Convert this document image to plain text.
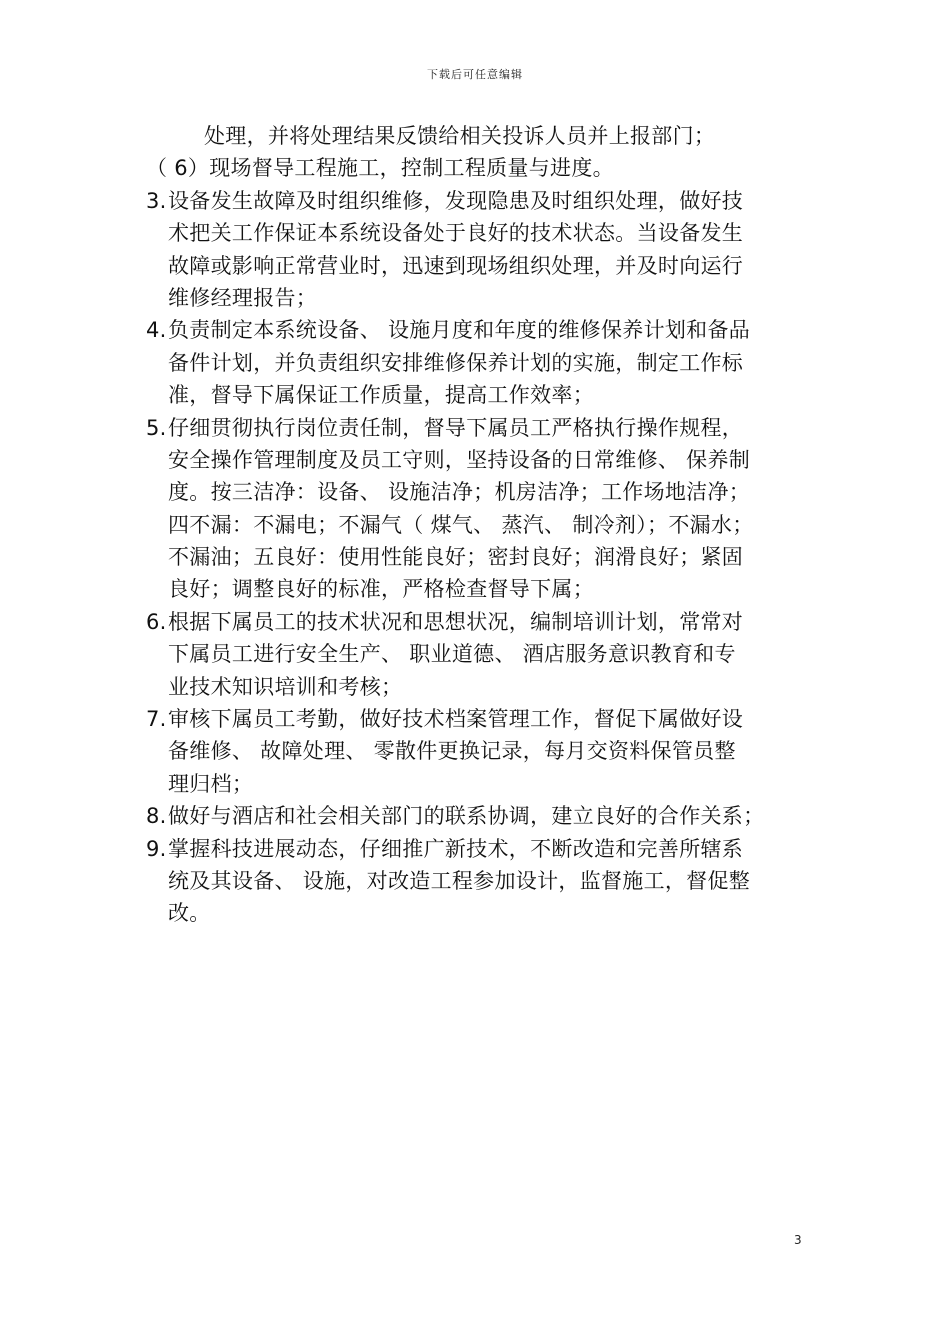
下载后可任意编辑
处理，并将处理结果反馈给相关投诉人员并上报部门；
（ 6）现场督导工程施工，控制工程质量与进度。
3.设备发生故障及时组织维修，发现隐患及时组织处理，做好技
术把关工作保证本系统设备处于良好的技术状态。当设备发生
故障或影响正常营业时，迅速到现场组织处理，并及时向运行
维修经理报告；
4.负责制定本系统设备、 设施月度和年度的维修保养计划和备品
备件计划，并负责组织安排维修保养计划的实施，制定工作标
准，督导下属保证工作质量，提高工作效率；
5.仔细贯彻执行岗位责任制，督导下属员工严格执行操作规程，
安全操作管理制度及员工守则，坚持设备的日常维修、 保养制
度。按三洁净：设备、 设施洁净；机房洁净；工作场地洁净；
四不漏：不漏电；不漏气（ 煤气、 蒸汽、 制冷剂）；不漏水；
不漏油；五良好：使用性能良好；密封良好；润滑良好；紧固
良好；调整良好的标准，严格检查督导下属；
6.根据下属员工的技术状况和思想状况，编制培训计划，常常对
下属员工进行安全生产、 职业道德、 酒店服务意识教育和专
业技术知识培训和考核；
7.审核下属员工考勤，做好技术档案管理工作，督促下属做好设
备维修、 故障处理、 零散件更换记录，每月交资料保管员整
理归档；
8.做好与酒店和社会相关部门的联系协调，建立良好的合作关系；
9.掌握科技进展动态，仔细推广新技术，不断改造和完善所辖系
统及其设备、 设施，对改造工程参加设计，监督施工，督促整
改。
3
